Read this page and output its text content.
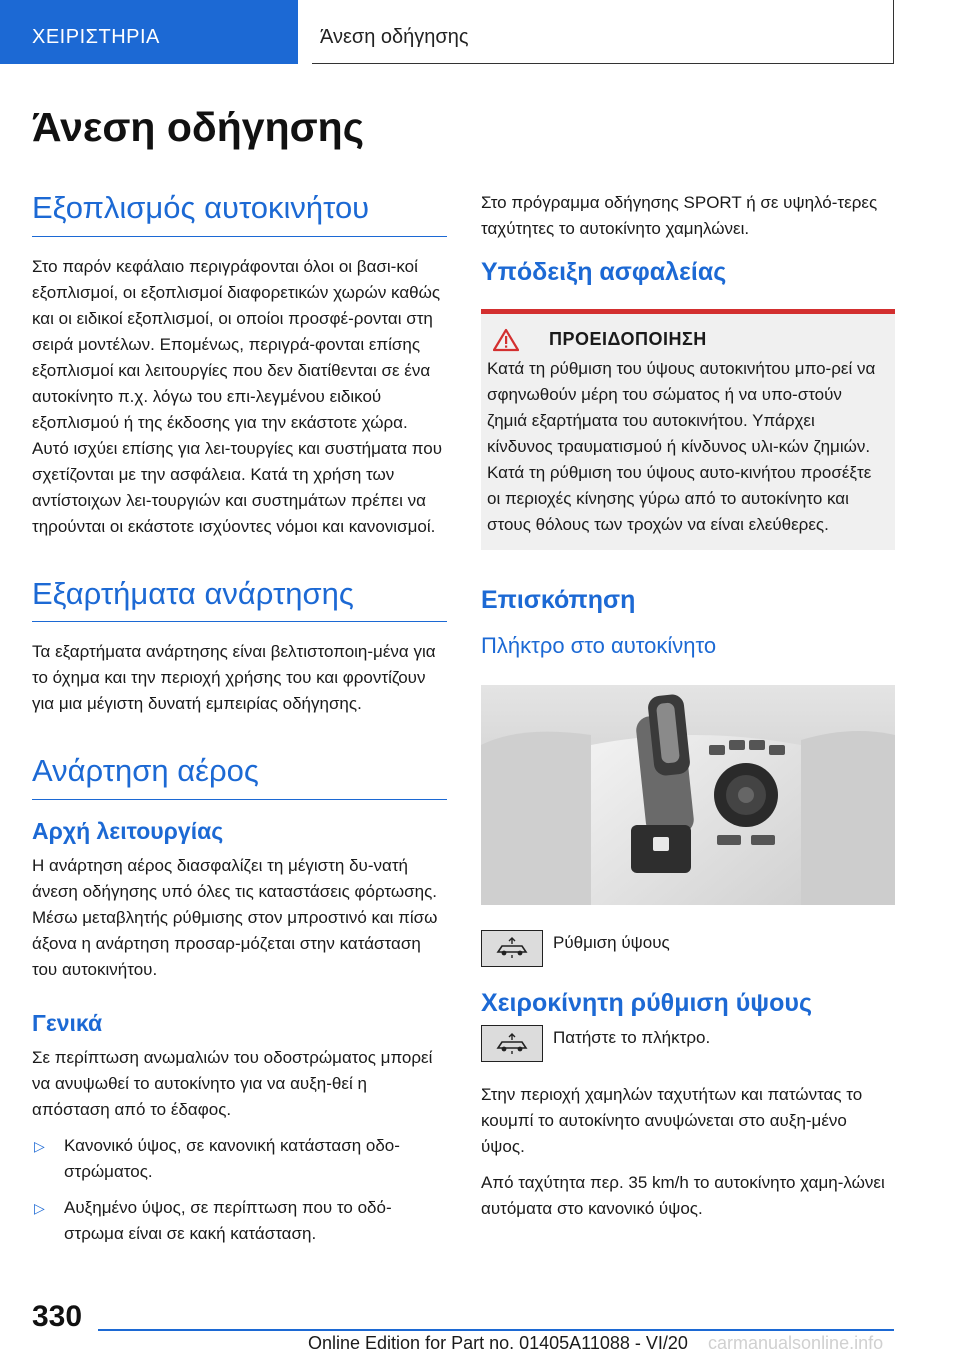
ΧΕΙΡΙΣΤΗΡΙΑ	Άνεση οδήγησης
Άνεση οδήγησης
Εξοπλισμός αυτοκινήτου

Στο παρόν κεφάλαιο περιγράφονται όλοι οι βασι‐κοί εξοπλισμοί, οι εξοπλισμοί διαφορετικών χωρών καθώς και οι ειδικοί εξοπλισμοί, οι οποίοι προσφέ‐ρονται στη σειρά μοντέλων. Επομένως, περιγρά‐φονται επίσης εξοπλισμοί και λειτουργίες που δεν διατίθενται σε ένα αυτοκίνητο π.χ. λόγω του επι‐λεγμένου ειδικού εξοπλισμού ή της έκδοσης για την εκάστοτε χώρα. Αυτό ισχύει επίσης για λει‐τουργίες και συστήματα που σχετίζονται με την ασφάλεια. Κατά τη χρήση των αντίστοιχων λει‐τουργιών και συστημάτων πρέπει να τηρούνται οι εκάστοτε ισχύοντες νόμοι και κανονισμοί.

Εξαρτήματα ανάρτησης

Τα εξαρτήματα ανάρτησης είναι βελτιστοποιη‐μένα για το όχημα και την περιοχή χρήσης του και φροντίζουν για μια μέγιστη δυνατή εμπειρίας οδήγησης.

Ανάρτηση αέρος
Αρχή λειτουργίας

Η ανάρτηση αέρος διασφαλίζει τη μέγιστη δυ‐νατή άνεση οδήγησης υπό όλες τις καταστάσεις φόρτωσης. Μέσω μεταβλητής ρύθμισης στον μπροστινό και πίσω άξονα η ανάρτηση προσαρ‐μόζεται στην κατάσταση του αυτοκινήτου.

Γενικά

Σε περίπτωση ανωμαλιών του οδοστρώματος μπορεί να ανυψωθεί το αυτοκίνητο για να αυξη‐θεί η απόσταση από το έδαφος.

▷ Κανονικό ύψος, σε κανονική κατάσταση οδο‐στρώματος.
▷ Αυξημένο ύψος, σε περίπτωση που το οδό‐στρωμα είναι σε κακή κατάσταση.

Στο πρόγραμμα οδήγησης SPORT ή σε υψηλό‐τερες ταχύτητες το αυτοκίνητο χαμηλώνει.

Υπόδειξη ασφαλείας
ΠΡΟΕΙΔΟΠΟΙΗΣΗ

Κατά τη ρύθμιση του ύψους αυτοκινήτου μπο‐ρεί να σφηνωθούν μέρη του σώματος ή να υπο‐στούν ζημιά εξαρτήματα του αυτοκινήτου. Υπάρχει κίνδυνος τραυματισμού ή κίνδυνος υλι‐κών ζημιών. Κατά τη ρύθμιση του ύψους αυτο‐κινήτου προσέξτε οι περιοχές κίνησης γύρω από το αυτοκίνητο και στους θόλους των τροχών να είναι ελεύθερες.

Επισκόπηση
Πλήκτρο στο αυτοκίνητο
Ρύθμιση ύψους
Χειροκίνητη ρύθμιση ύψους
Πατήστε το πλήκτρο.

Στην περιοχή χαμηλών ταχυτήτων και πατώντας το κουμπί το αυτοκίνητο ανυψώνεται στο αυξη‐μένο ύψος.

Από ταχύτητα περ. 35 km/h το αυτοκίνητο χαμη‐λώνει αυτόματα στο κανονικό ύψος.

330
Online Edition for Part no. 01405A11088 - VI/20 carmanualsonline.info
